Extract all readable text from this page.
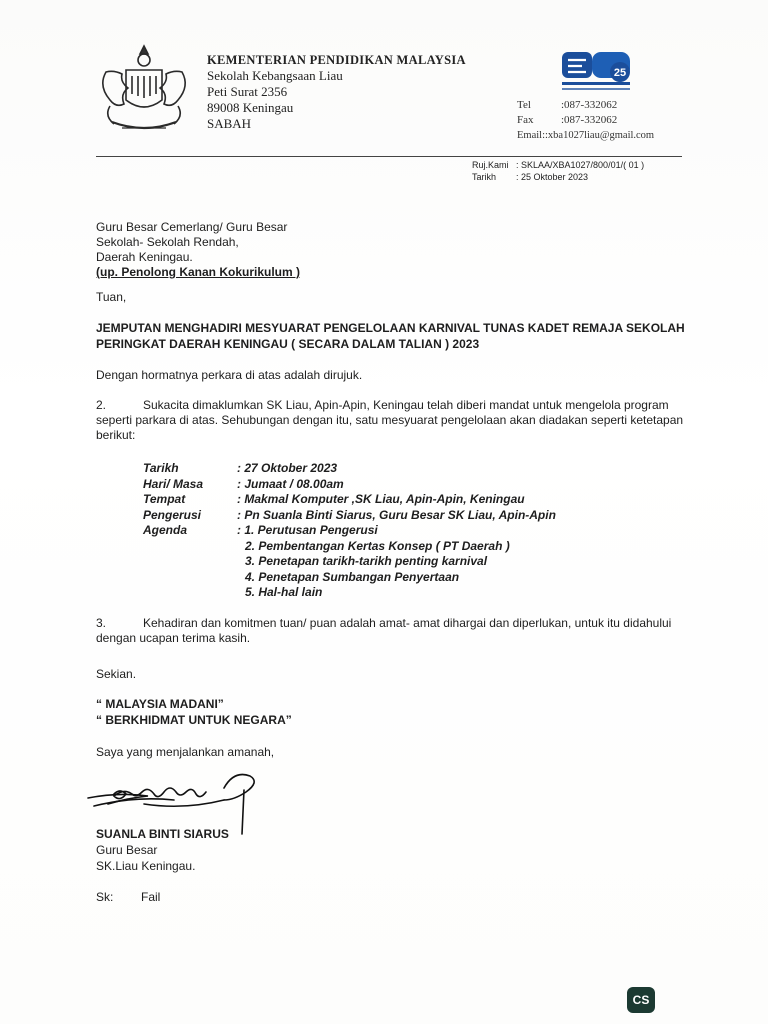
KEMENTERIAN PENDIDIKAN MALAYSIA
Sekolah Kebangsaan Liau
Peti Surat 2356
89008 Keningau
SABAH
25
Tel	:087-332062
Fax	:087-332062
Email::xba1027liau@gmail.com
Ruj.Kami : SKLAA/XBA1027/800/01/( 01 )
Tarikh : 25 Oktober 2023
Guru Besar Cemerlang/ Guru Besar
Sekolah- Sekolah Rendah,
Daerah Keningau.
(up. Penolong Kanan Kokurikulum )
Tuan,
JEMPUTAN MENGHADIRI MESYUARAT PENGELOLAAN KARNIVAL TUNAS KADET REMAJA SEKOLAH PERINGKAT DAERAH KENINGAU ( SECARA DALAM TALIAN ) 2023
Dengan hormatnya perkara di atas adalah dirujuk.
2.	Sukacita dimaklumkan SK Liau, Apin-Apin, Keningau telah diberi mandat untuk mengelola program seperti parkara di atas. Sehubungan dengan itu, satu mesyuarat pengelolaan akan diadakan seperti ketetapan berikut:
Tarikh	: 27 Oktober 2023
Hari/ Masa	: Jumaat / 08.00am
Tempat	: Makmal Komputer ,SK Liau, Apin-Apin, Keningau
Pengerusi	: Pn Suanla Binti Siarus, Guru Besar SK Liau, Apin-Apin
Agenda	: 1. Perutusan Pengerusi
2. Pembentangan Kertas Konsep ( PT Daerah )
3. Penetapan tarikh-tarikh penting karnival
4. Penetapan Sumbangan Penyertaan
5. Hal-hal lain
3.	Kehadiran dan komitmen tuan/ puan adalah amat- amat dihargai dan diperlukan, untuk itu didahului dengan ucapan terima kasih.
Sekian.
“ MALAYSIA MADANI”
“ BERKHIDMAT UNTUK NEGARA”
Saya yang menjalankan amanah,
SUANLA BINTI SIARUS
Guru Besar
SK.Liau Keningau.
Sk: Fail
CS
